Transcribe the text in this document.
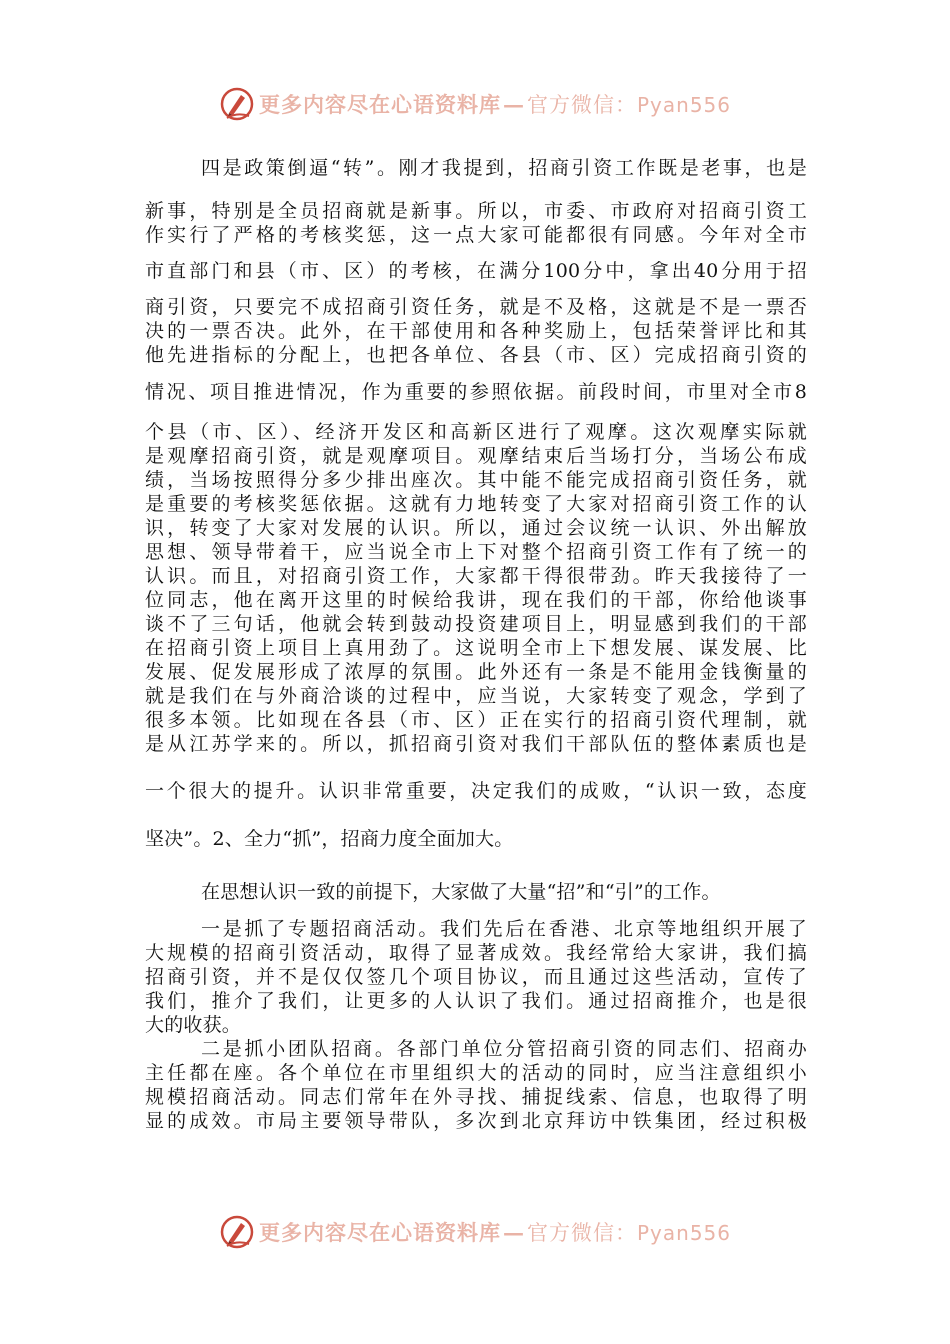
更多内容尽在心语资料库—官方微信：Pyan556
四是政策倒逼“转”。刚才我提到，招商引资工作既是老事，也是
新事，特别是全员招商就是新事。所以，市委、市政府对招商引资工
作实行了严格的考核奖惩，这一点大家可能都很有同感。今年对全市
市直部门和县（市、区）的考核，在满分100分中，拿出40分用于招
商引资，只要完不成招商引资任务，就是不及格，这就是不是一票否
决的一票否决。此外，在干部使用和各种奖励上，包括荣誉评比和其
他先进指标的分配上，也把各单位、各县（市、区）完成招商引资的
情况、项目推进情况，作为重要的参照依据。前段时间，市里对全市8
个县（市、区）、经济开发区和高新区进行了观摩。这次观摩实际就
是观摩招商引资，就是观摩项目。观摩结束后当场打分，当场公布成
绩，当场按照得分多少排出座次。其中能不能完成招商引资任务，就
是重要的考核奖惩依据。这就有力地转变了大家对招商引资工作的认
识，转变了大家对发展的认识。所以，通过会议统一认识、外出解放
思想、领导带着干，应当说全市上下对整个招商引资工作有了统一的
认识。而且，对招商引资工作，大家都干得很带劲。昨天我接待了一
位同志，他在离开这里的时候给我讲，现在我们的干部，你给他谈事
谈不了三句话，他就会转到鼓动投资建项目上，明显感到我们的干部
在招商引资上项目上真用劲了。这说明全市上下想发展、谋发展、比
发展、促发展形成了浓厚的氛围。此外还有一条是不能用金钱衡量的
就是我们在与外商洽谈的过程中，应当说，大家转变了观念，学到了
很多本领。比如现在各县（市、区）正在实行的招商引资代理制，就
是从江苏学来的。所以，抓招商引资对我们干部队伍的整体素质也是
一个很大的提升。认识非常重要，决定我们的成败，“认识一致，态度
坚决”。2、全力“抓”，招商力度全面加大。
在思想认识一致的前提下，大家做了大量“招”和“引”的工作。
一是抓了专题招商活动。我们先后在香港、北京等地组织开展了
大规模的招商引资活动，取得了显著成效。我经常给大家讲，我们搞
招商引资，并不是仅仅签几个项目协议，而且通过这些活动，宣传了
我们，推介了我们，让更多的人认识了我们。通过招商推介，也是很
大的收获。
二是抓小团队招商。各部门单位分管招商引资的同志们、招商办
主任都在座。各个单位在市里组织大的活动的同时，应当注意组织小
规模招商活动。同志们常年在外寻找、捕捉线索、信息，也取得了明
显的成效。市局主要领导带队，多次到北京拜访中铁集团，经过积极
更多内容尽在心语资料库—官方微信：Pyan556
